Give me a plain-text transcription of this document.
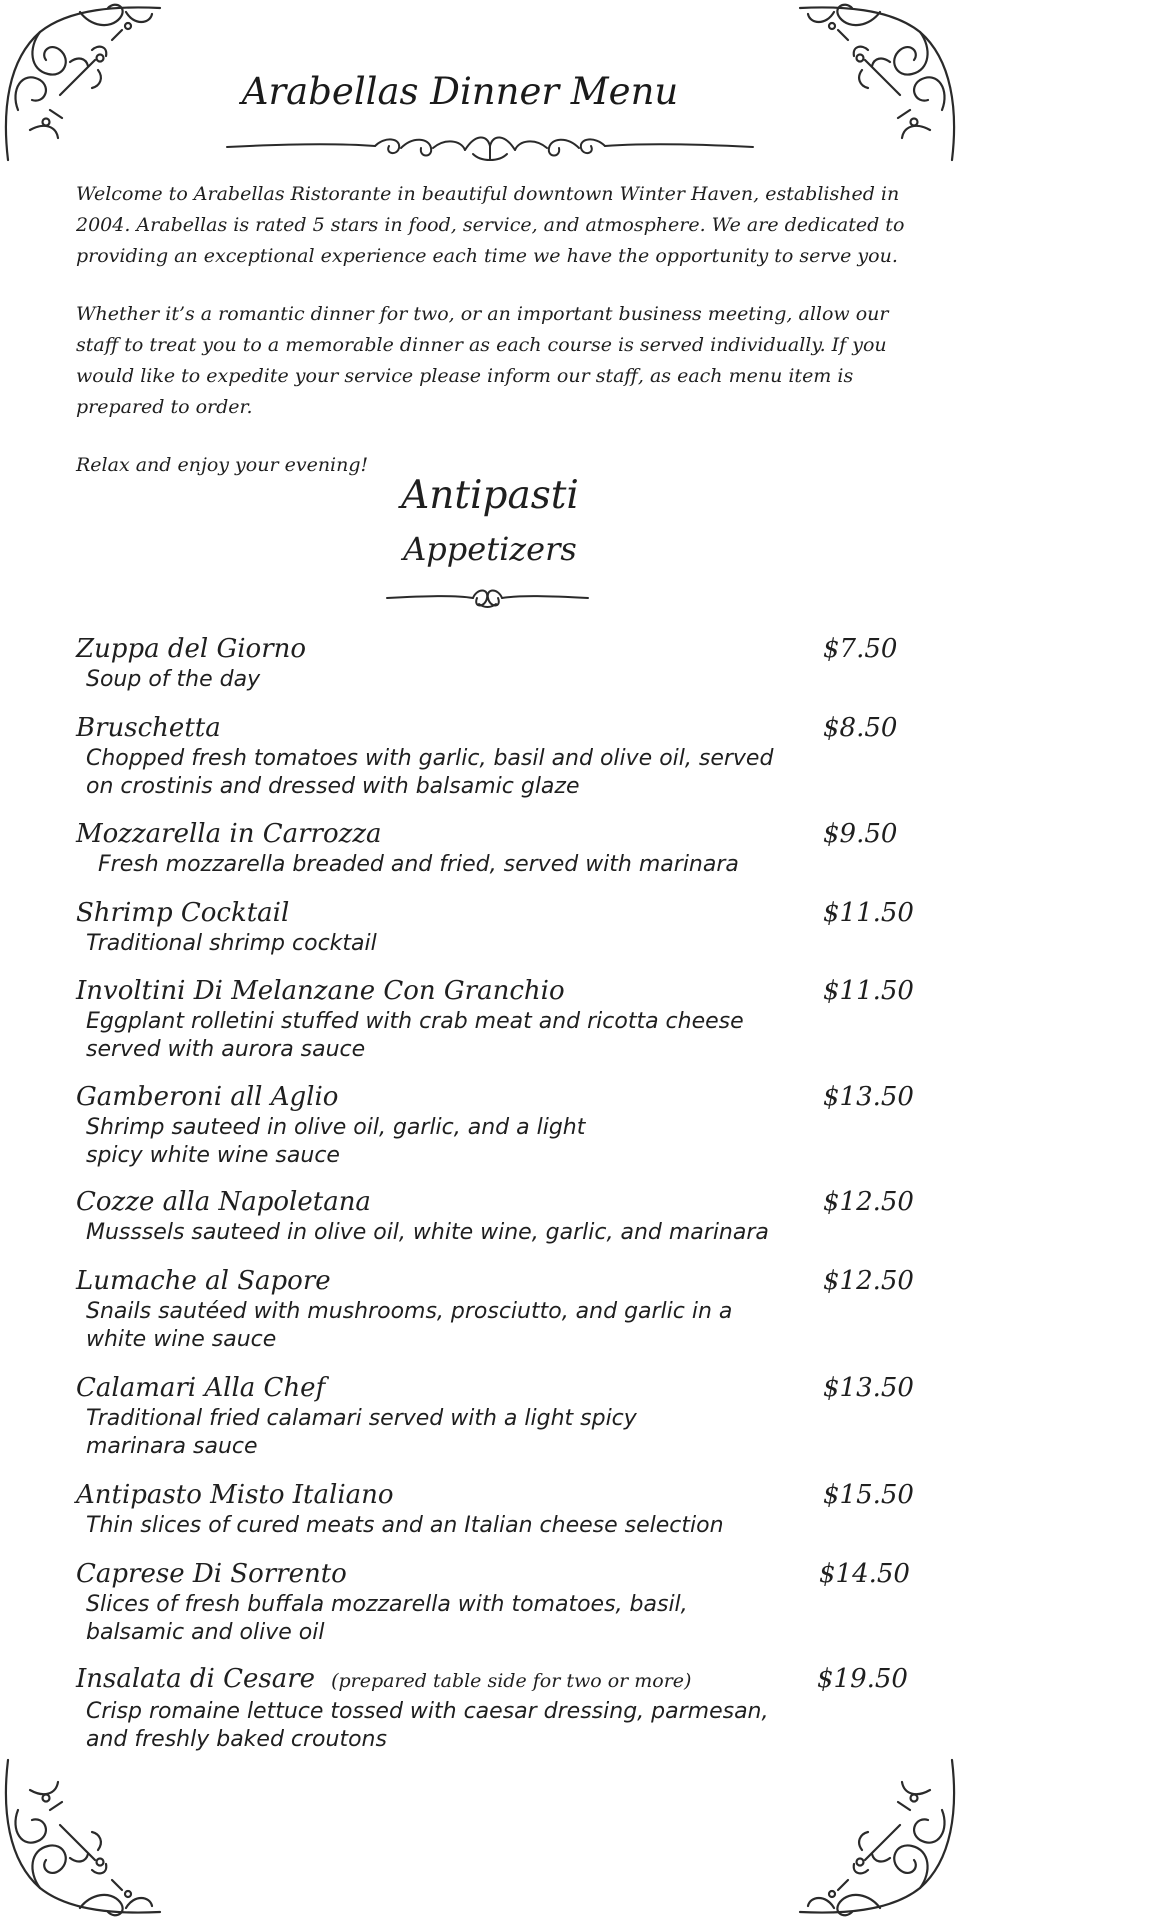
Arabellas Dinner Menu

Welcome to Arabellas Ristorante in beautiful downtown Winter Haven, established in 2004. Arabellas is rated 5 stars in food, service, and atmosphere. We are dedicated to providing an exceptional experience each time we have the opportunity to serve you.

Whether it’s a romantic dinner for two, or an important business meeting, allow our staff to treat you to a memorable dinner as each course is served individually. If you would like to expedite your service please inform our staff, as each menu item is prepared to order.

Relax and enjoy your evening!

Antipasti
Appetizers
Zuppa del Giorno	$7.50
Soup of the day
Bruschetta	$8.50
Chopped fresh tomatoes with garlic, basil and olive oil, served on crostinis and dressed with balsamic glaze
Mozzarella in Carrozza	$9.50
Fresh mozzarella breaded and fried, served with marinara
Shrimp Cocktail	$11.50
Traditional shrimp cocktail
Involtini Di Melanzane Con Granchio	$11.50
Eggplant rolletini stuffed with crab meat and ricotta cheese served with aurora sauce
Gamberoni all Aglio	$13.50
Shrimp sauteed in olive oil, garlic, and a light spicy white wine sauce
Cozze alla Napoletana	$12.50
Musssels sauteed in olive oil, white wine, garlic, and marinara
Lumache al Sapore	$12.50
Snails sautéed with mushrooms, prosciutto, and garlic in a white wine sauce
Calamari Alla Chef	$13.50
Traditional fried calamari served with a light spicy marinara sauce
Antipasto Misto Italiano	$15.50
Thin slices of cured meats and an Italian cheese selection
Caprese Di Sorrento	$14.50
Slices of fresh buffala mozzarella with tomatoes, basil, balsamic and olive oil
Insalata di Cesare (prepared table side for two or more)	$19.50
Crisp romaine lettuce tossed with caesar dressing, parmesan, and freshly baked croutons
